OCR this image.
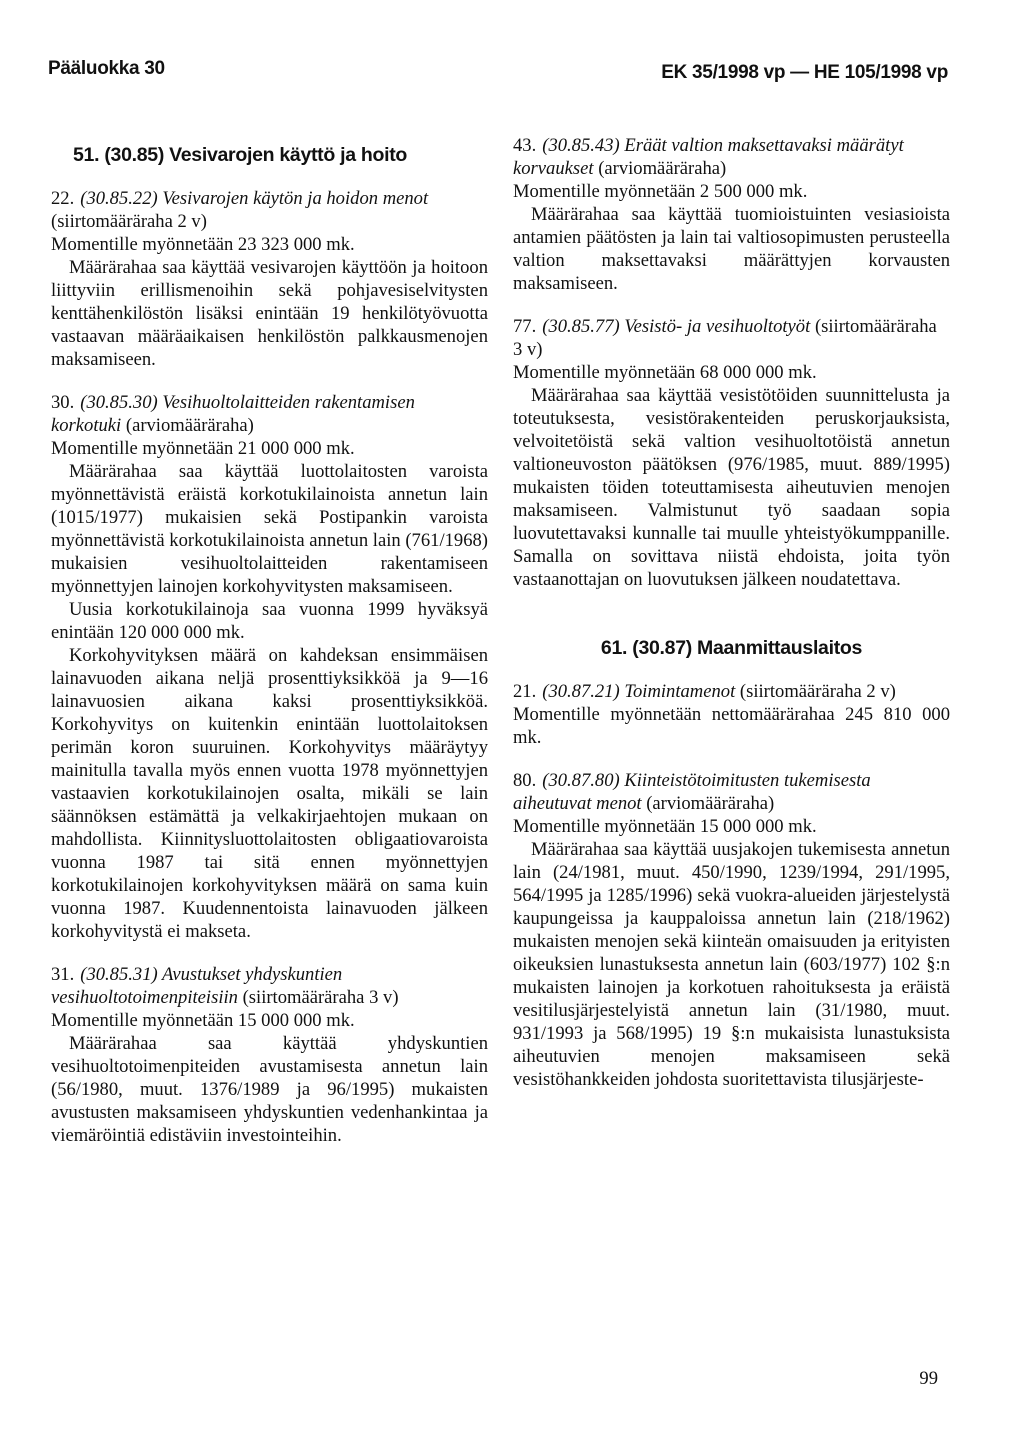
Pääluokka 30	EK 35/1998 vp — HE 105/1998 vp
51. (30.85) Vesivarojen käyttö ja hoito

22. (30.85.22) Vesivarojen käytön ja hoidon menot (siirtomääräraha 2 v)

Momentille myönnetään 23 323 000 mk.

Määrärahaa saa käyttää vesivarojen käyttöön ja hoitoon liittyviin erillismenoihin sekä pohjavesiselvitysten kenttähenkilöstön lisäksi enintään 19 henkilötyövuotta vastaavan määräaikaisen henkilöstön palkkausmenojen maksamiseen.

30. (30.85.30) Vesihuoltolaitteiden rakentamisen korkotuki (arviomääräraha)

Momentille myönnetään 21 000 000 mk.

Määrärahaa saa käyttää luottolaitosten varoista myönnettävistä eräistä korkotukilainoista annetun lain (1015/1977) mukaisien sekä Postipankin varoista myönnettävistä korkotukilainoista annetun lain (761/1968) mukaisien vesihuoltolaitteiden rakentamiseen myönnettyjen lainojen korkohyvitysten maksamiseen.

Uusia korkotukilainoja saa vuonna 1999 hyväksyä enintään 120 000 000 mk.

Korkohyvityksen määrä on kahdeksan ensimmäisen lainavuoden aikana neljä prosenttiyksikköä ja 9—16 lainavuosien aikana kaksi prosenttiyksikköä. Korkohyvitys on kuitenkin enintään luottolaitoksen perimän koron suuruinen. Korkohyvitys määräytyy mainitulla tavalla myös ennen vuotta 1978 myönnettyjen vastaavien korkotukilainojen osalta, mikäli se lain säännöksen estämättä ja velkakirjaehtojen mukaan on mahdollista. Kiinnitysluottolaitosten obligaatiovaroista vuonna 1987 tai sitä ennen myönnettyjen korkotukilainojen korkohyvityksen määrä on sama kuin vuonna 1987. Kuudennentoista lainavuoden jälkeen korkohyvitystä ei makseta.

31. (30.85.31) Avustukset yhdyskuntien vesihuoltotoimenpiteisiin (siirtomääräraha 3 v)

Momentille myönnetään 15 000 000 mk.

Määrärahaa saa käyttää yhdyskuntien vesihuoltotoimenpiteiden avustamisesta annetun lain (56/1980, muut. 1376/1989 ja 96/1995) mukaisten avustusten maksamiseen yhdyskuntien vedenhankintaa ja viemäröintiä edistäviin investointeihin.

43. (30.85.43) Eräät valtion maksettavaksi määrätyt korvaukset (arviomääräraha)

Momentille myönnetään 2 500 000 mk.

Määrärahaa saa käyttää tuomioistuinten vesiasioista antamien päätösten ja lain tai valtiosopimusten perusteella valtion maksettavaksi määrättyjen korvausten maksamiseen.

77. (30.85.77) Vesistö- ja vesihuoltotyöt (siirtomääräraha 3 v)

Momentille myönnetään 68 000 000 mk.

Määrärahaa saa käyttää vesistötöiden suunnittelusta ja toteutuksesta, vesistörakenteiden peruskorjauksista, velvoitetöistä sekä valtion vesihuoltotöistä annetun valtioneuvoston päätöksen (976/1985, muut. 889/1995) mukaisten töiden toteuttamisesta aiheutuvien menojen maksamiseen. Valmistunut työ saadaan sopia luovutettavaksi kunnalle tai muulle yhteistyökumppanille. Samalla on sovittava niistä ehdoista, joita työn vastaanottajan on luovutuksen jälkeen noudatettava.

61. (30.87) Maanmittauslaitos

21. (30.87.21) Toimintamenot (siirtomääräraha 2 v)

Momentille myönnetään nettomäärärahaa 245 810 000 mk.

80. (30.87.80) Kiinteistötoimitusten tukemisesta aiheutuvat menot (arviomääräraha)

Momentille myönnetään 15 000 000 mk.

Määrärahaa saa käyttää uusjakojen tukemisesta annetun lain (24/1981, muut. 450/1990, 1239/1994, 291/1995, 564/1995 ja 1285/1996) sekä vuokra-alueiden järjestelystä kaupungeissa ja kauppaloissa annetun lain (218/1962) mukaisten menojen sekä kiinteän omaisuuden ja erityisten oikeuksien lunastuksesta annetun lain (603/1977) 102 §:n mukaisten lainojen ja korkotuen rahoituksesta ja eräistä vesitilusjärjestelyistä annetun lain (31/1980, muut. 931/1993 ja 568/1995) 19 §:n mukaisista lunastuksista aiheutuvien menojen maksamiseen sekä vesistöhankkeiden johdosta suoritettavista tilusjärjeste-

99
